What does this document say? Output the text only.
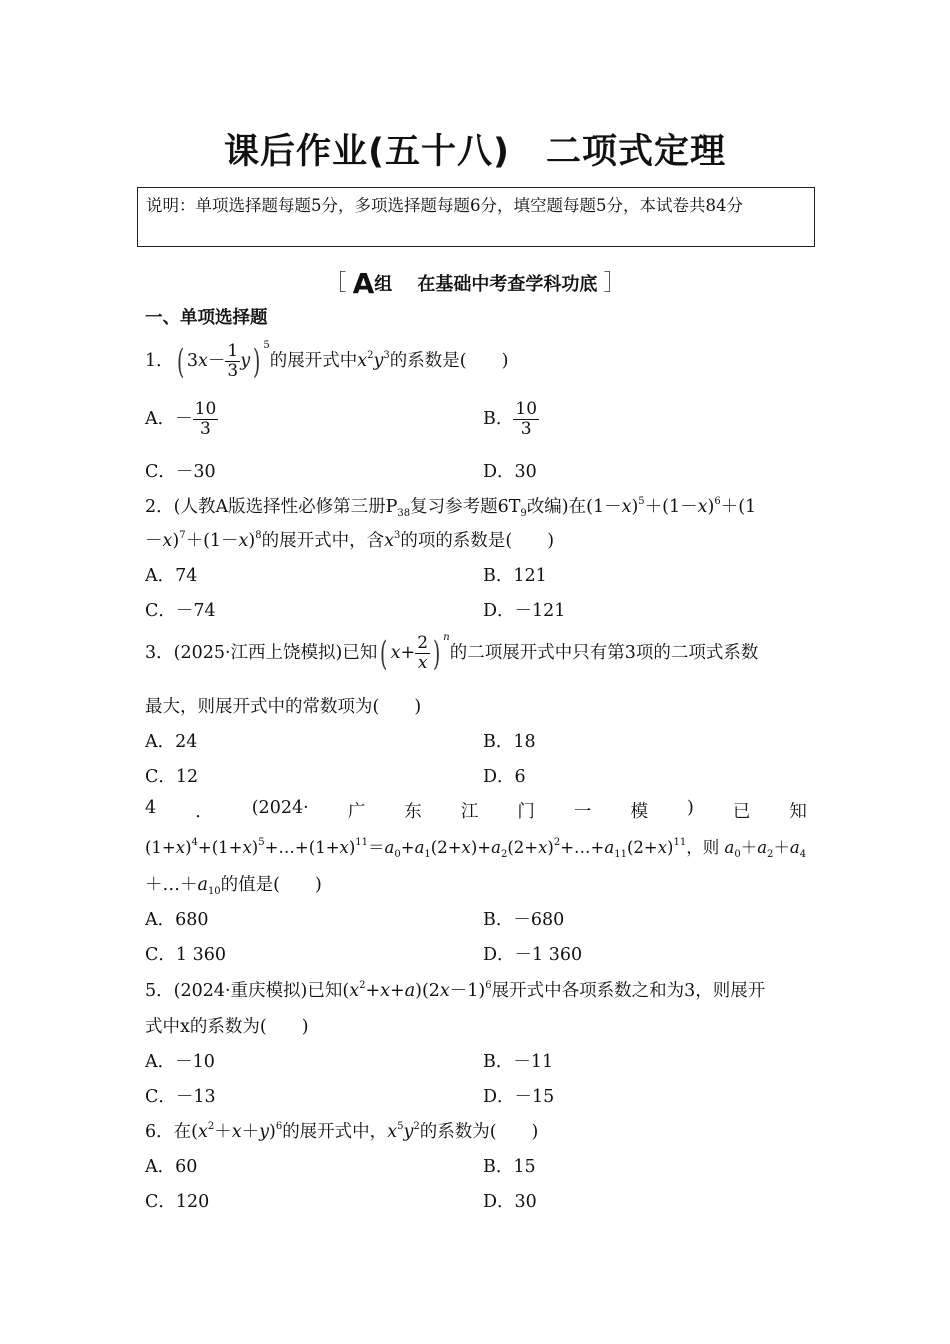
课后作业(五十八)　二项式定理
说明：单项选择题每题5分，多项选择题每题6分，填空题每题5分，本试卷共84分
［ A组 在基础中考查学科功底 ］
一、单项选择题
1．( $3x- \frac{1}{3} y$) $^5$的展开式中$x^2y^3$的系数是(　　)
A．－ $\frac{10}{3}$	B． $\frac{10}{3}$
C．－30	D．30
2．(人教A版选择性必修第三册$P_{38}$复习参考题$6T_9$改编)在$(1-x)^5+(1-x)^6+(1$
$-x)^7+(1-x)^8$的展开式中，含$x^3$的项的系数是(　　)
A．74	B．121
C．－74	D．－121
3．(2025·江西上饶模拟)已知( $x+ \frac{2}{x}$ ) $^n$的二项展开式中只有第3项的二项式系数
最大，则展开式中的常数项为(　　)
A．24	B．18
C．12	D．6
4 ． (2024· 广 东 江 门 一 模 ) 已 知
$(1+x)^4+(1+x)^5+\dots+(1+x)^{11}=a_0+a_1(2+x)+a_2(2+x)^2+\dots+a_{11}(2+x)^{11}$，则 $a_0+a_2+a_4$
$+\dots+a_{10}$的值是(　　)
A．680	B．－680
C．1 360	D．－1 360
5．(2024·重庆模拟)已知$(x^2+x+a)(2x-1)^6$展开式中各项系数之和为3，则展开
式中x的系数为(　　)
A．－10	B．－11
C．－13	D．－15
6．在$(x^2+x+y)^6$的展开式中，$x^5y^2$的系数为(　　)
A．60	B．15
C．120	D．30
